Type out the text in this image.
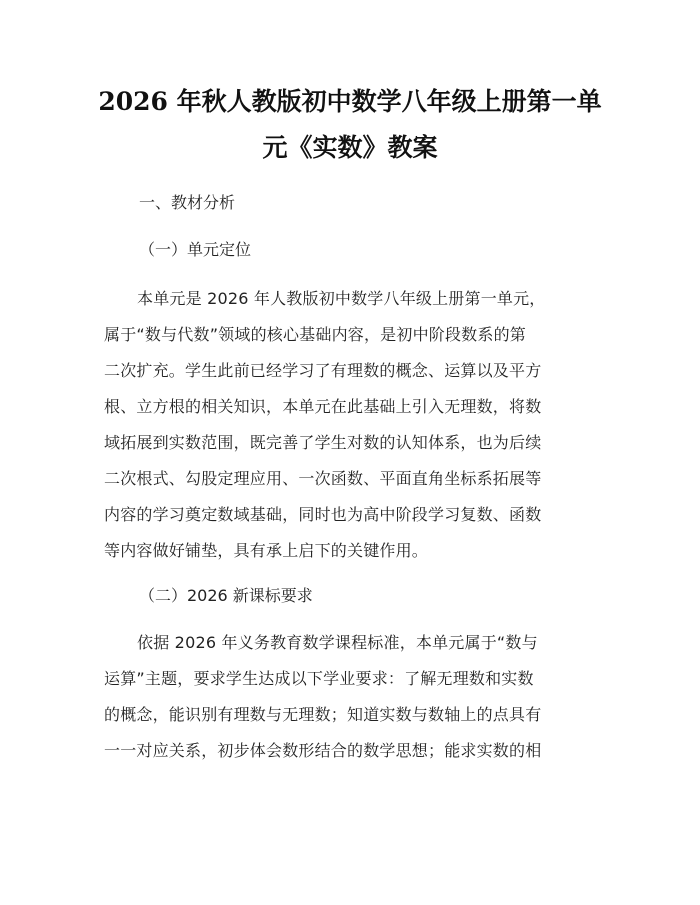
2026 年秋人教版初中数学八年级上册第一单
元《实数》教案
一、教材分析
（一）单元定位
本单元是 2026 年人教版初中数学八年级上册第一单元，
属于“数与代数”领域的核心基础内容，是初中阶段数系的第
二次扩充。学生此前已经学习了有理数的概念、运算以及平方
根、立方根的相关知识，本单元在此基础上引入无理数，将数
域拓展到实数范围，既完善了学生对数的认知体系，也为后续
二次根式、勾股定理应用、一次函数、平面直角坐标系拓展等
内容的学习奠定数域基础，同时也为高中阶段学习复数、函数
等内容做好铺垫，具有承上启下的关键作用。
（二）2026 新课标要求
依据 2026 年义务教育数学课程标准，本单元属于“数与
运算”主题，要求学生达成以下学业要求：了解无理数和实数
的概念，能识别有理数与无理数；知道实数与数轴上的点具有
一一对应关系，初步体会数形结合的数学思想；能求实数的相
